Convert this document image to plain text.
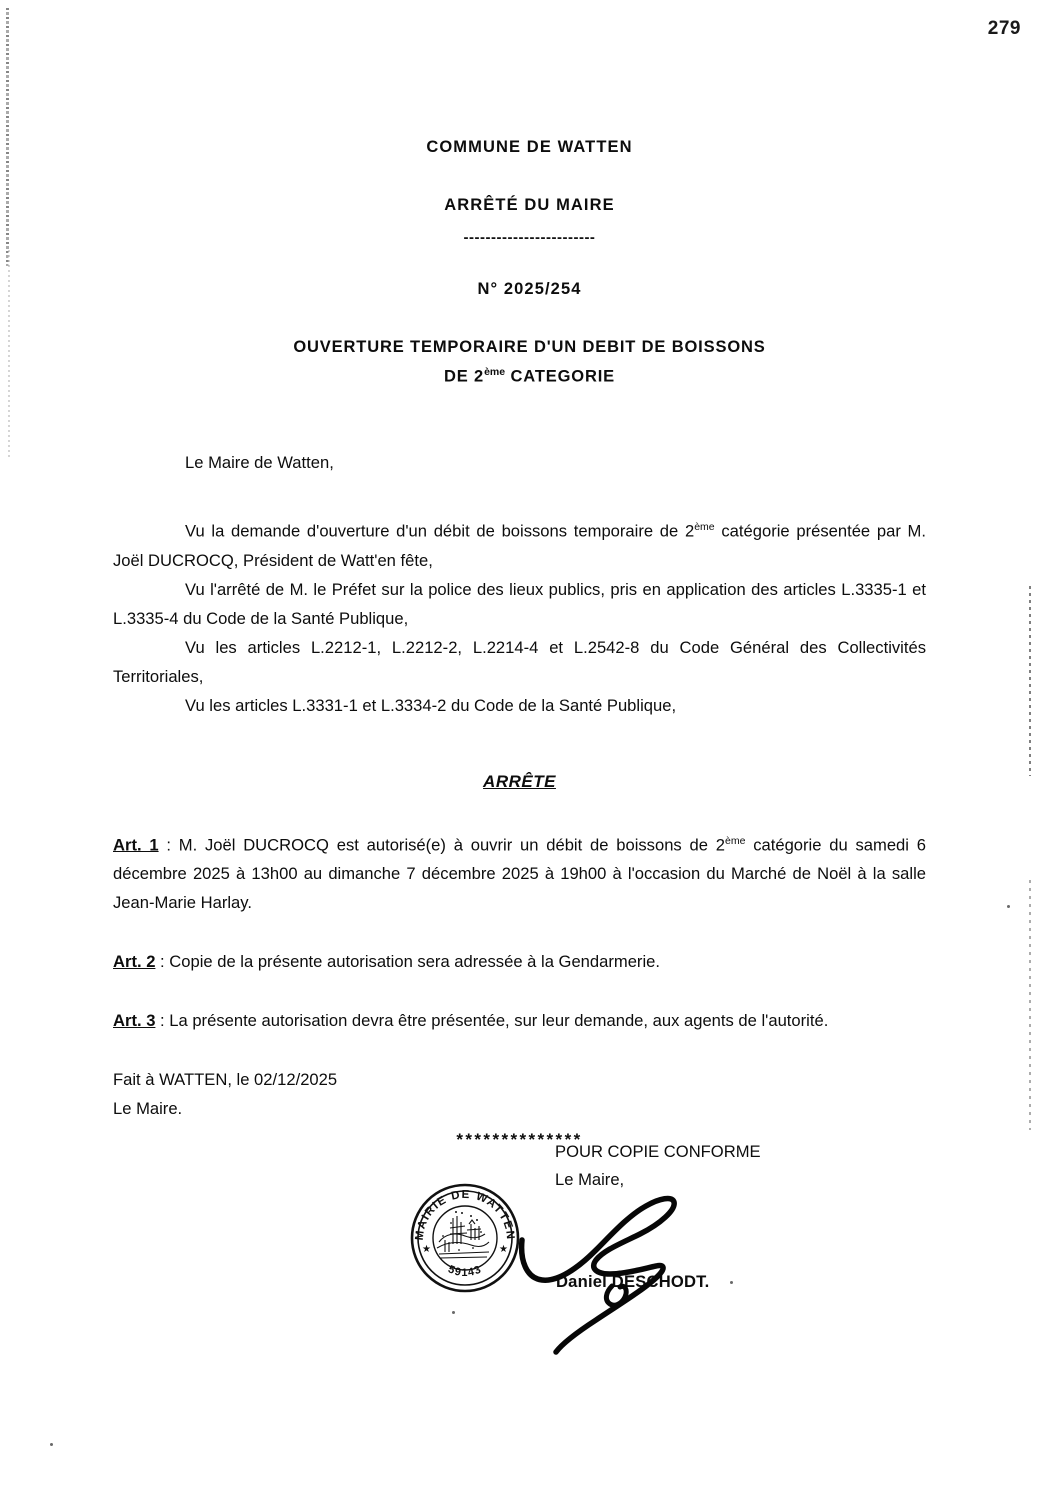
279
COMMUNE DE WATTEN
ARRÊTÉ DU MAIRE
------------------------
N° 2025/254
OUVERTURE TEMPORAIRE D'UN DEBIT DE BOISSONS
DE 2ème CATEGORIE
Le Maire de Watten,

Vu la demande d'ouverture d'un débit de boissons temporaire de 2ème catégorie présentée par M. Joël DUCROCQ, Président de Watt'en fête,

Vu l'arrêté de M. le Préfet sur la police des lieux publics, pris en application des articles L.3335-1 et L.3335-4 du Code de la Santé Publique,

Vu les articles L.2212-1, L.2212-2, L.2214-4 et L.2542-8 du Code Général des Collectivités Territoriales,

Vu les articles L.3331-1 et L.3334-2 du Code de la Santé Publique,

ARRÊTE

Art. 1 : M. Joël DUCROCQ est autorisé(e) à ouvrir un débit de boissons de 2ème catégorie du samedi 6 décembre 2025 à 13h00 au dimanche 7 décembre 2025 à 19h00 à l'occasion du Marché de Noël à la salle Jean-Marie Harlay.

Art. 2 : Copie de la présente autorisation sera adressée à la Gendarmerie.

Art. 3 : La présente autorisation devra être présentée, sur leur demande, aux agents de l'autorité.

Fait à WATTEN, le 02/12/2025

Le Maire.

**************
POUR COPIE CONFORME
Le Maire,
Daniel DESCHODT.
MAIRIE DE WATTEN
59143
★	★
